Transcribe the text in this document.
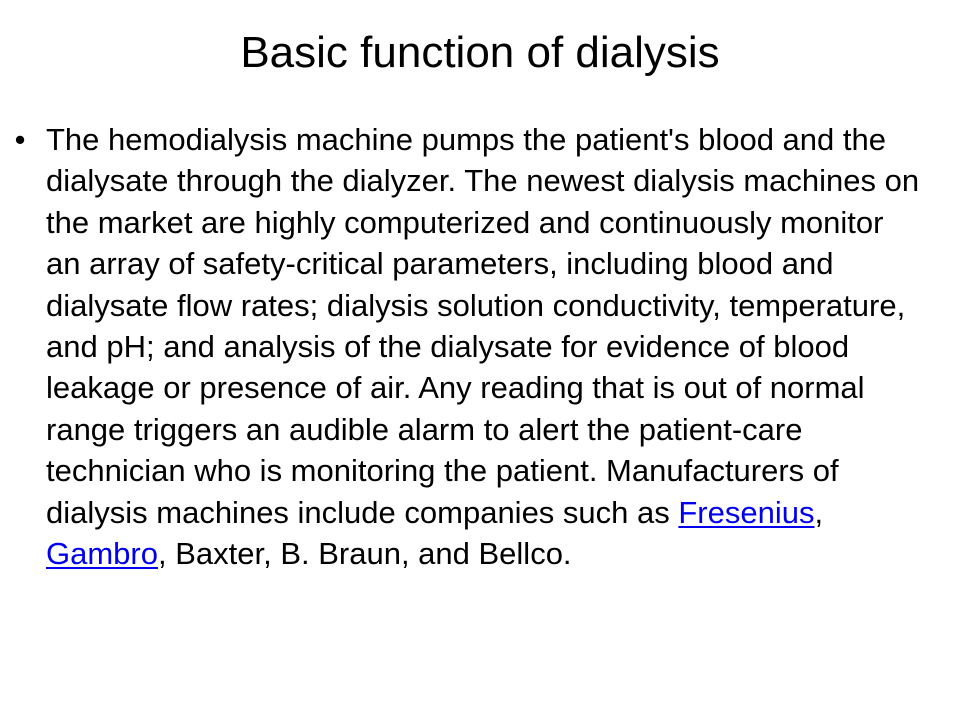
Basic function of dialysis
• The hemodialysis machine pumps the patient's blood and the dialysate through the dialyzer. The newest dialysis machines on the market are highly computerized and continuously monitor an array of safety-critical parameters, including blood and dialysate flow rates; dialysis solution conductivity, temperature, and pH; and analysis of the dialysate for evidence of blood leakage or presence of air. Any reading that is out of normal range triggers an audible alarm to alert the patient-care technician who is monitoring the patient. Manufacturers of dialysis machines include companies such as Fresenius, Gambro, Baxter, B. Braun, and Bellco.
